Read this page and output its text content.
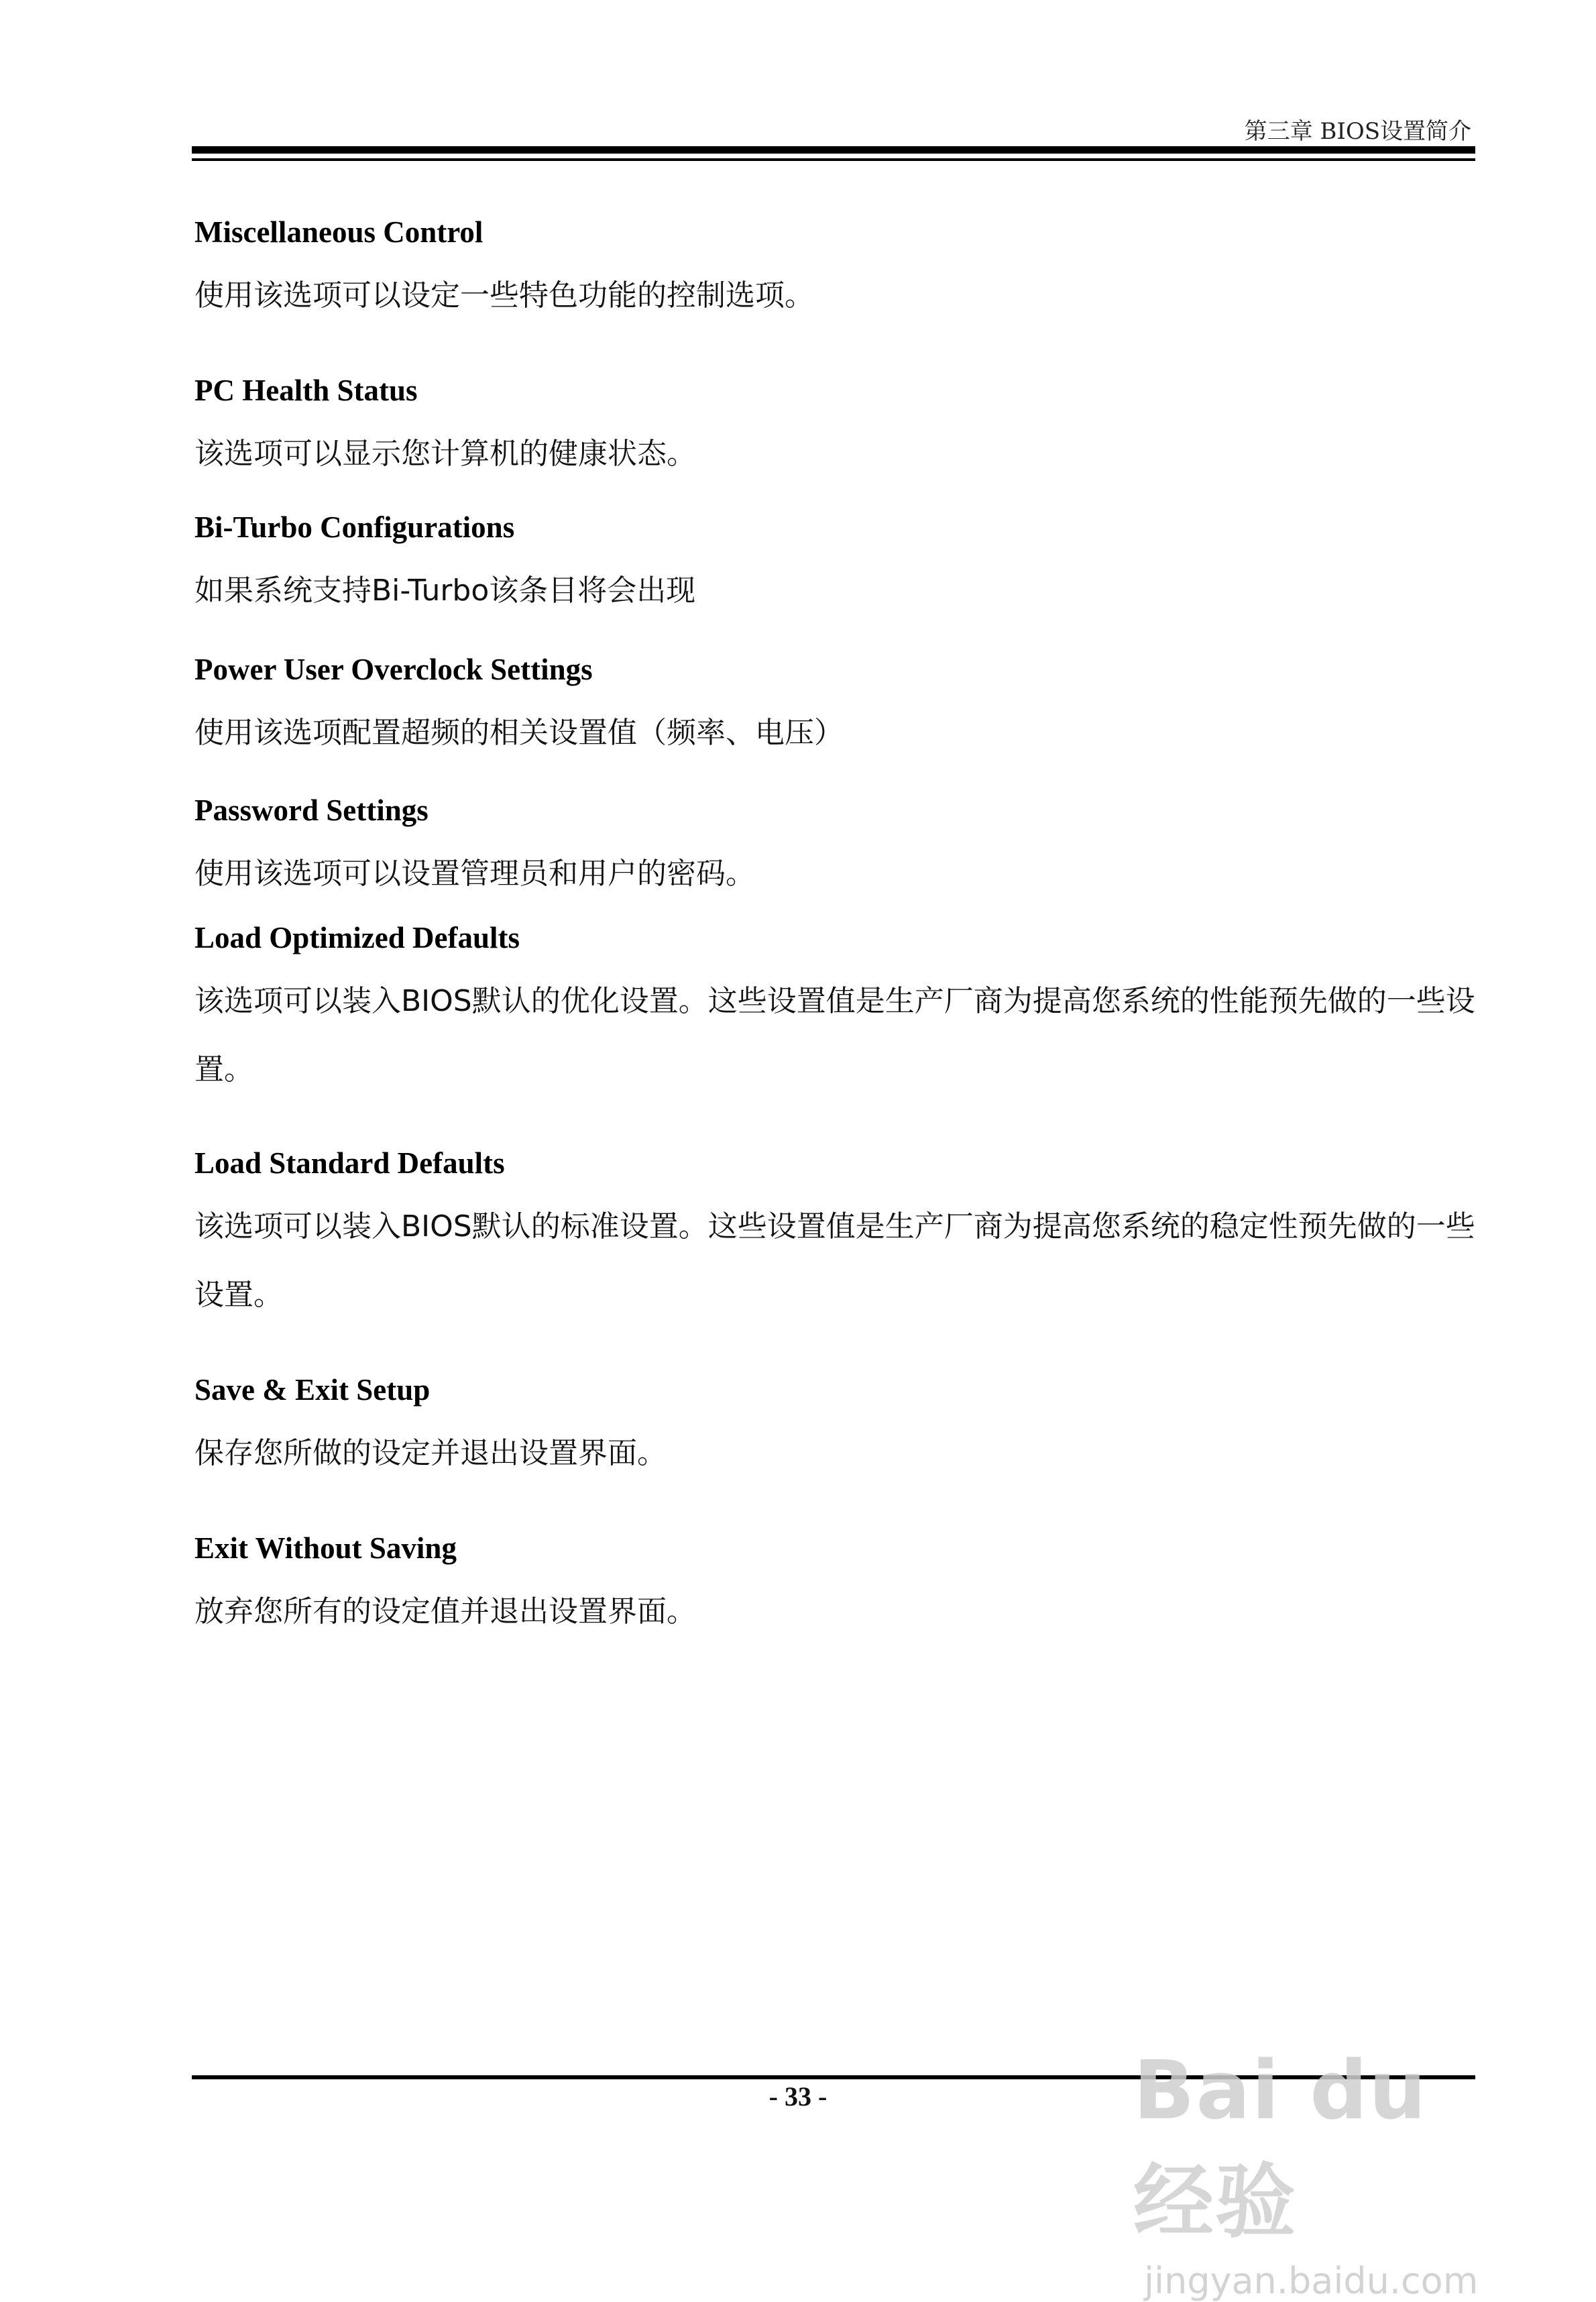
第三章 BIOS设置简介
Miscellaneous Control
使用该选项可以设定一些特色功能的控制选项。
PC Health Status
该选项可以显示您计算机的健康状态。
Bi-Turbo Configurations
如果系统支持Bi-Turbo该条目将会出现
Power User Overclock Settings
使用该选项配置超频的相关设置值（频率、电压）
Password Settings
使用该选项可以设置管理员和用户的密码。
Load Optimized Defaults
该选项可以装入BIOS默认的优化设置。这些设置值是生产厂商为提高您系统的性能预先做的一些设置。
Load Standard Defaults
该选项可以装入BIOS默认的标准设置。这些设置值是生产厂商为提高您系统的稳定性预先做的一些设置。
Save & Exit Setup
保存您所做的设定并退出设置界面。
Exit Without Saving
放弃您所有的设定值并退出设置界面。
- 33 -	Bai du 经验
jingyan.baidu.com
